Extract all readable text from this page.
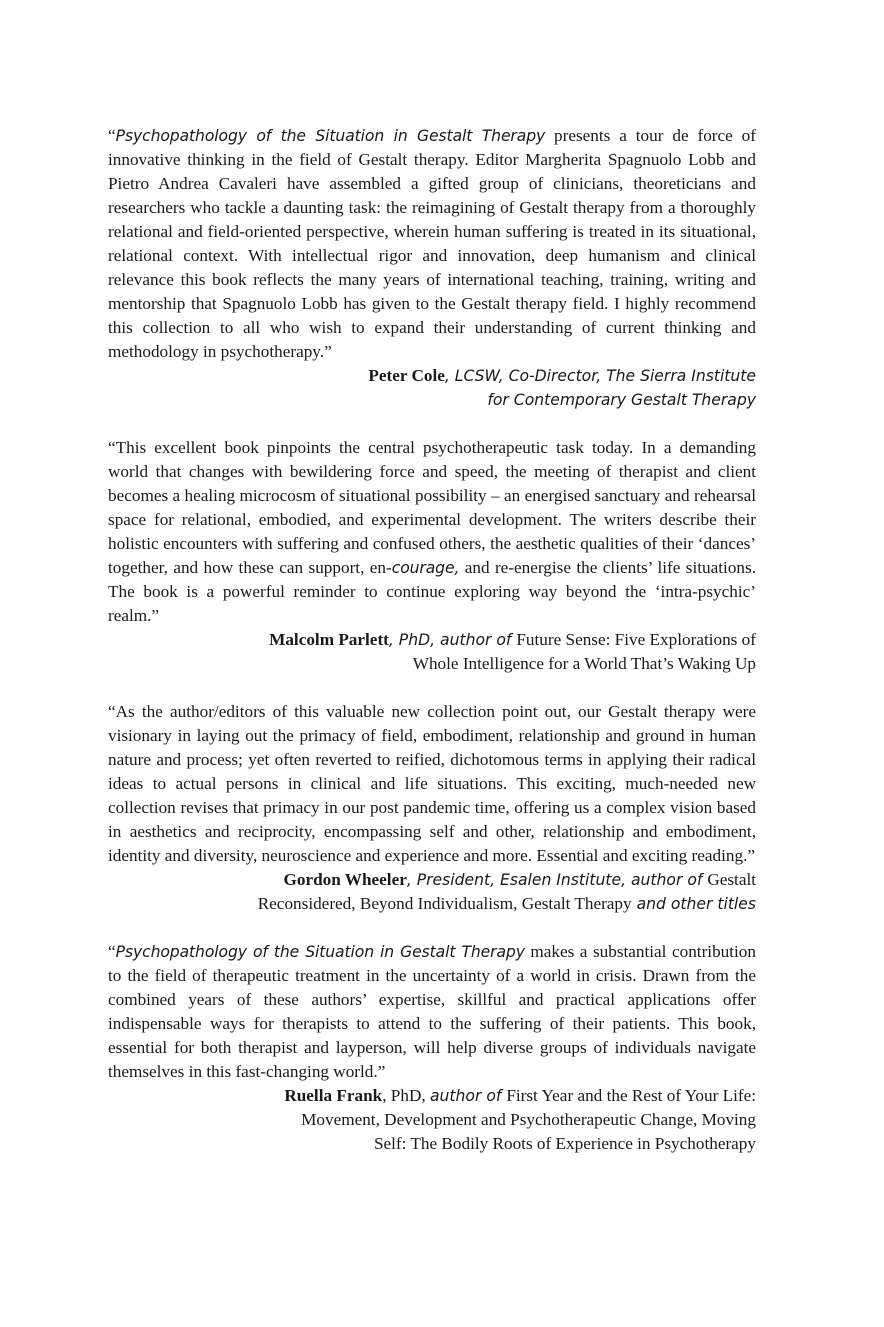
“Psychopathology of the Situation in Gestalt Therapy presents a tour de force of innovative thinking in the field of Gestalt therapy. Editor Margherita Spagnuolo Lobb and Pietro Andrea Cavaleri have assembled a gifted group of clinicians, theoreticians and researchers who tackle a daunting task: the reimagining of Gestalt therapy from a thoroughly relational and field-oriented perspective, wherein human suffering is treated in its situational, relational context. With intellectual rigor and innovation, deep humanism and clinical relevance this book reflects the many years of international teaching, training, writing and mentorship that Spagnuolo Lobb has given to the Gestalt therapy field. I highly recommend this collection to all who wish to expand their understanding of current thinking and methodology in psychotherapy.”

Peter Cole, LCSW, Co-Director, The Sierra Institute
for Contemporary Gestalt Therapy

“This excellent book pinpoints the central psychotherapeutic task today. In a demanding world that changes with bewildering force and speed, the meeting of therapist and client becomes a healing microcosm of situational possibility – an energised sanctuary and rehearsal space for relational, embodied, and experimental development. The writers describe their holistic encounters with suffering and confused others, the aesthetic qualities of their ‘dances’ together, and how these can support, en-courage, and re-energise the clients’ life situations. The book is a powerful reminder to continue exploring way beyond the ‘intra-psychic’ realm.”

Malcolm Parlett, PhD, author of Future Sense: Five Explorations of
Whole Intelligence for a World That’s Waking Up

“As the author/editors of this valuable new collection point out, our Gestalt therapy were visionary in laying out the primacy of field, embodiment, relationship and ground in human nature and process; yet often reverted to reified, dichotomous terms in applying their radical ideas to actual persons in clinical and life situations. This exciting, much-needed new collection revises that primacy in our post pandemic time, offering us a complex vision based in aesthetics and reciprocity, encompassing self and other, relationship and embodiment, identity and diversity, neuroscience and experience and more. Essential and exciting reading.”

Gordon Wheeler, President, Esalen Institute, author of Gestalt
Reconsidered, Beyond Individualism, Gestalt Therapy and other titles

“Psychopathology of the Situation in Gestalt Therapy makes a substantial contribution to the field of therapeutic treatment in the uncertainty of a world in crisis. Drawn from the combined years of these authors’ expertise, skillful and practical applications offer indispensable ways for therapists to attend to the suffering of their patients. This book, essential for both therapist and layperson, will help diverse groups of individuals navigate themselves in this fast-changing world.”

Ruella Frank, PhD, author of First Year and the Rest of Your Life:
Movement, Development and Psychotherapeutic Change, Moving
Self: The Bodily Roots of Experience in Psychotherapy
